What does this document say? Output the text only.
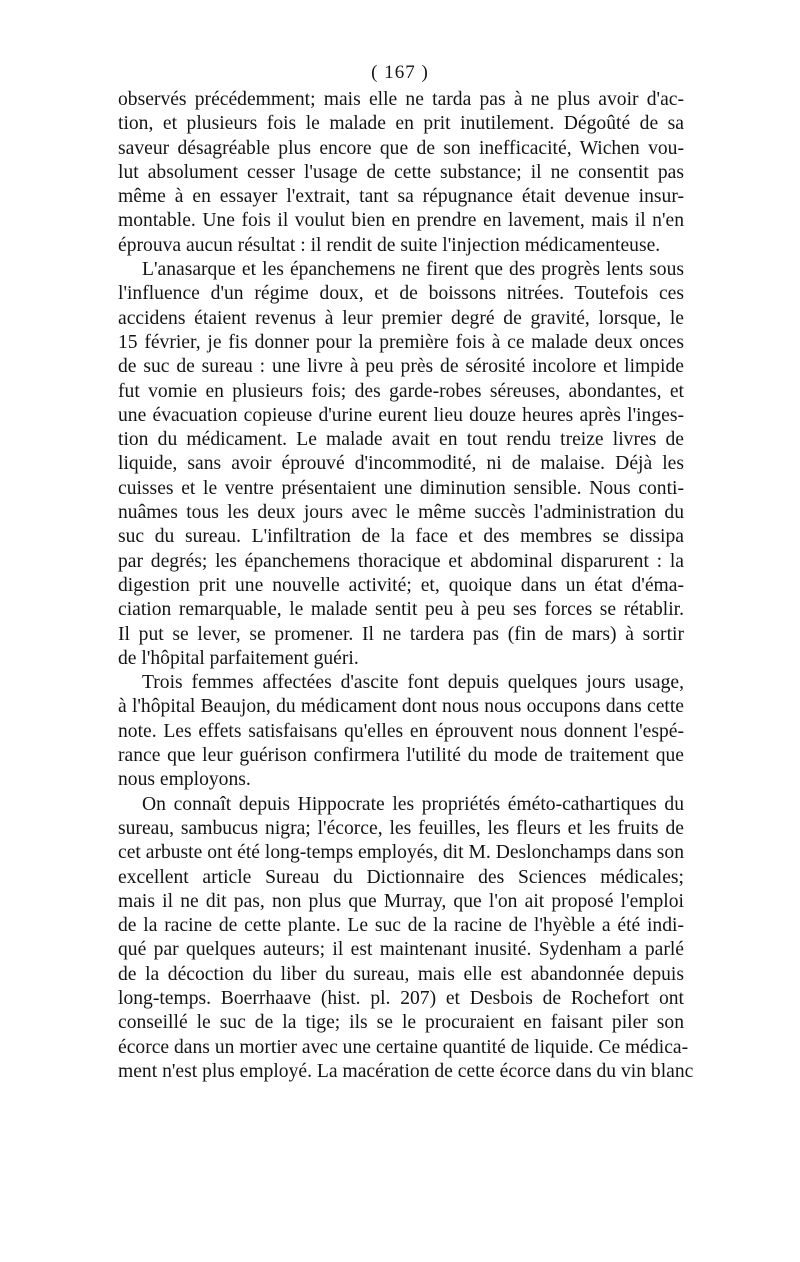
( 167 )
observés précédemment; mais elle ne tarda pas à ne plus avoir d'ac-
tion, et plusieurs fois le malade en prit inutilement. Dégoûté de sa
saveur désagréable plus encore que de son inefficacité, Wichen vou-
lut absolument cesser l'usage de cette substance; il ne consentit pas
même à en essayer l'extrait, tant sa répugnance était devenue insur-
montable. Une fois il voulut bien en prendre en lavement, mais il n'en
éprouva aucun résultat : il rendit de suite l'injection médicamenteuse.
L'anasarque et les épanchemens ne firent que des progrès lents sous
l'influence d'un régime doux, et de boissons nitrées. Toutefois ces
accidens étaient revenus à leur premier degré de gravité, lorsque, le
15 février, je fis donner pour la première fois à ce malade deux onces
de suc de sureau : une livre à peu près de sérosité incolore et limpide
fut vomie en plusieurs fois; des garde-robes séreuses, abondantes, et
une évacuation copieuse d'urine eurent lieu douze heures après l'inges-
tion du médicament. Le malade avait en tout rendu treize livres de
liquide, sans avoir éprouvé d'incommodité, ni de malaise. Déjà les
cuisses et le ventre présentaient une diminution sensible. Nous conti-
nuâmes tous les deux jours avec le même succès l'administration du
suc du sureau. L'infiltration de la face et des membres se dissipa
par degrés; les épanchemens thoracique et abdominal disparurent : la
digestion prit une nouvelle activité; et, quoique dans un état d'éma-
ciation remarquable, le malade sentit peu à peu ses forces se rétablir.
Il put se lever, se promener. Il ne tardera pas (fin de mars) à sortir
de l'hôpital parfaitement guéri.
Trois femmes affectées d'ascite font depuis quelques jours usage,
à l'hôpital Beaujon, du médicament dont nous nous occupons dans cette
note. Les effets satisfaisans qu'elles en éprouvent nous donnent l'espé-
rance que leur guérison confirmera l'utilité du mode de traitement que
nous employons.
On connaît depuis Hippocrate les propriétés éméto-cathartiques du
sureau, sambucus nigra; l'écorce, les feuilles, les fleurs et les fruits de
cet arbuste ont été long-temps employés, dit M. Deslonchamps dans son
excellent article Sureau du Dictionnaire des Sciences médicales;
mais il ne dit pas, non plus que Murray, que l'on ait proposé l'emploi
de la racine de cette plante. Le suc de la racine de l'hyèble a été indi-
qué par quelques auteurs; il est maintenant inusité. Sydenham a parlé
de la décoction du liber du sureau, mais elle est abandonnée depuis
long-temps. Boerrhaave (hist. pl. 207) et Desbois de Rochefort ont
conseillé le suc de la tige; ils se le procuraient en faisant piler son
écorce dans un mortier avec une certaine quantité de liquide. Ce médica-
ment n'est plus employé. La macération de cette écorce dans du vin blanc
